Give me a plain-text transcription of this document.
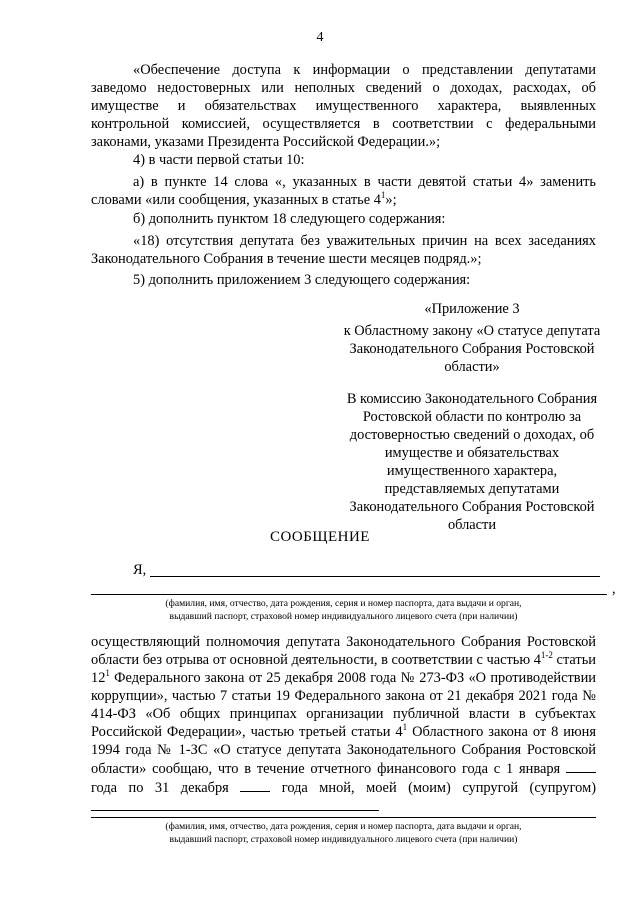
4
«Обеспечение доступа к информации о представлении депутатами заведомо недостоверных или неполных сведений о доходах, расходах, об имуществе и обязательствах имущественного характера, выявленных контрольной комиссией, осуществляется в соответствии с федеральными законами, указами Президента Российской Федерации.»;
4) в части первой статьи 10:
а) в пункте 14 слова «, указанных в части девятой статьи 4» заменить словами «или сообщения, указанных в статье $4^1$»;
б) дополнить пунктом 18 следующего содержания:
«18) отсутствия депутата без уважительных причин на всех заседаниях Законодательного Собрания в течение шести месяцев подряд.»;
5) дополнить приложением 3 следующего содержания:
«Приложение 3
к Областному закону «О статусе депутата Законодательного Собрания Ростовской области»
В комиссию Законодательного Собрания Ростовской области по контролю за достоверностью сведений о доходах, об имуществе и обязательствах имущественного характера, представляемых депутатами Законодательного Собрания Ростовской области
СООБЩЕНИЕ
Я,
,
(фамилия, имя, отчество, дата рождения, серия и номер паспорта, дата выдачи и орган,
выдавший паспорт, страховой номер индивидуального лицевого счета (при наличии)
осуществляющий полномочия депутата Законодательного Собрания Ростовской области без отрыва от основной деятельности, в соответствии с частью 4$^{1-2}$ статьи $12^1$ Федерального закона от 25 декабря 2008 года № 273-ФЗ «О противодействии коррупции», частью 7 статьи 19 Федерального закона от 21 декабря 2021 года № 414-ФЗ «Об общих принципах организации публичной власти в субъектах Российской Федерации», частью третьей статьи $4^1$ Областного закона от 8 июня 1994 года № 1-ЗС «О статусе депутата Законодательного Собрания Ростовской области» сообщаю, что в течение отчетного финансового года с 1 января  года по 31 декабря  года мной, моей (моим) супругой (супругом)
(фамилия, имя, отчество, дата рождения, серия и номер паспорта, дата выдачи и орган,
выдавший паспорт, страховой номер индивидуального лицевого счета (при наличии)
